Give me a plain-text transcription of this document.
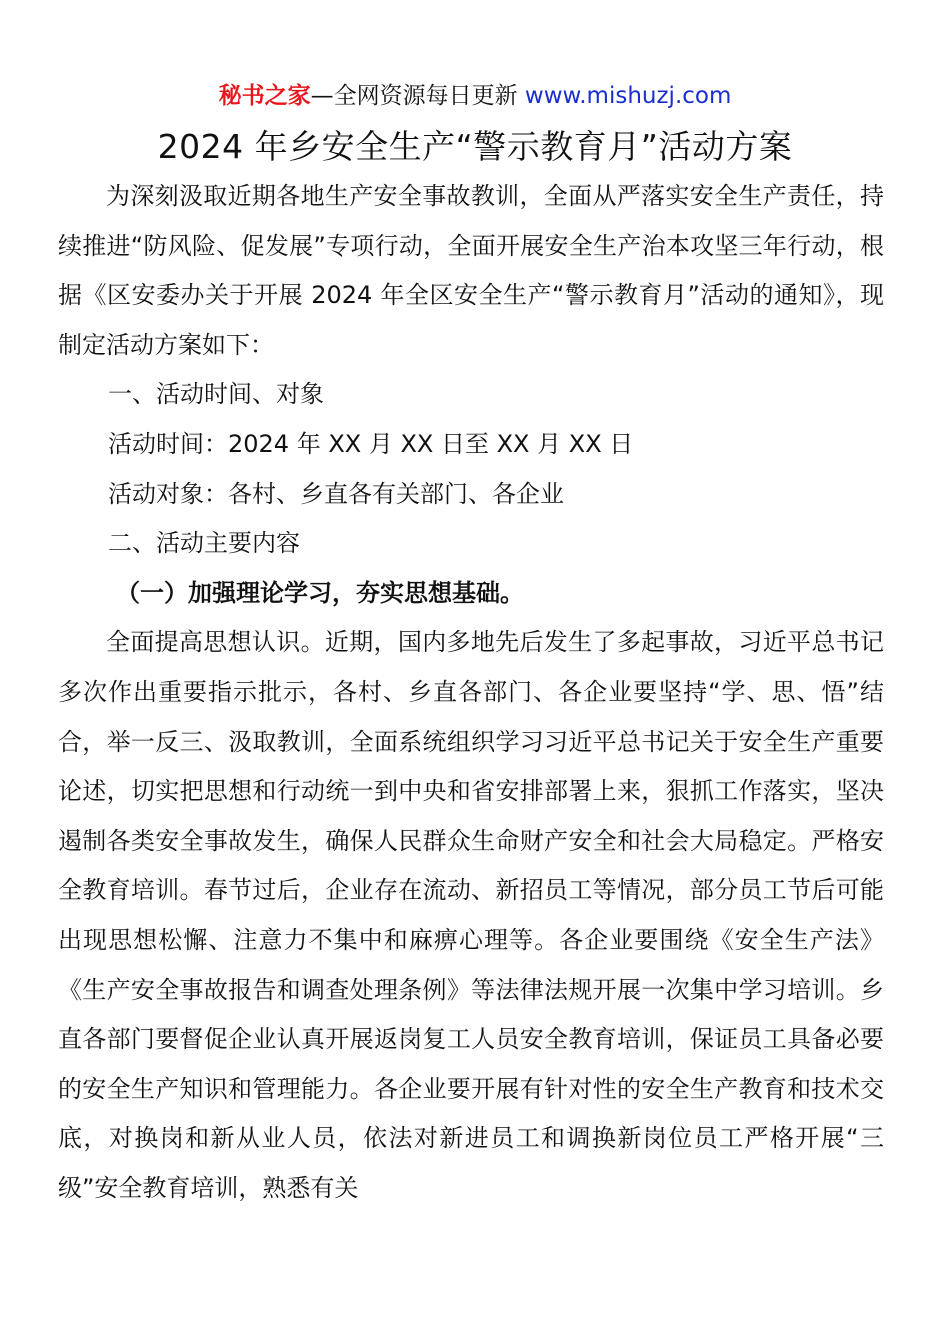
秘书之家—全网资源每日更新 www.mishuzj.com
2024 年乡安全生产“警示教育月”活动方案

为深刻汲取近期各地生产安全事故教训，全面从严落实安全生产责任，持续推进“防风险、促发展”专项行动，全面开展安全生产治本攻坚三年行动，根据《区安委办关于开展 2024 年全区安全生产“警示教育月”活动的通知》，现制定活动方案如下：

一、活动时间、对象

活动时间：2024 年 XX 月 XX 日至 XX 月 XX 日

活动对象：各村、乡直各有关部门、各企业

二、活动主要内容

（一）加强理论学习，夯实思想基础。

全面提高思想认识。近期，国内多地先后发生了多起事故，习近平总书记多次作出重要指示批示，各村、乡直各部门、各企业要坚持“学、思、悟”结合，举一反三、汲取教训，全面系统组织学习习近平总书记关于安全生产重要论述，切实把思想和行动统一到中央和省安排部署上来，狠抓工作落实，坚决遏制各类安全事故发生，确保人民群众生命财产安全和社会大局稳定。严格安全教育培训。春节过后，企业存在流动、新招员工等情况，部分员工节后可能出现思想松懈、注意力不集中和麻痹心理等。各企业要围绕《安全生产法》《生产安全事故报告和调查处理条例》等法律法规开展一次集中学习培训。乡直各部门要督促企业认真开展返岗复工人员安全教育培训，保证员工具备必要的安全生产知识和管理能力。各企业要开展有针对性的安全生产教育和技术交底，对换岗和新从业人员，依法对新进员工和调换新岗位员工严格开展“三级”安全教育培训，熟悉有关
